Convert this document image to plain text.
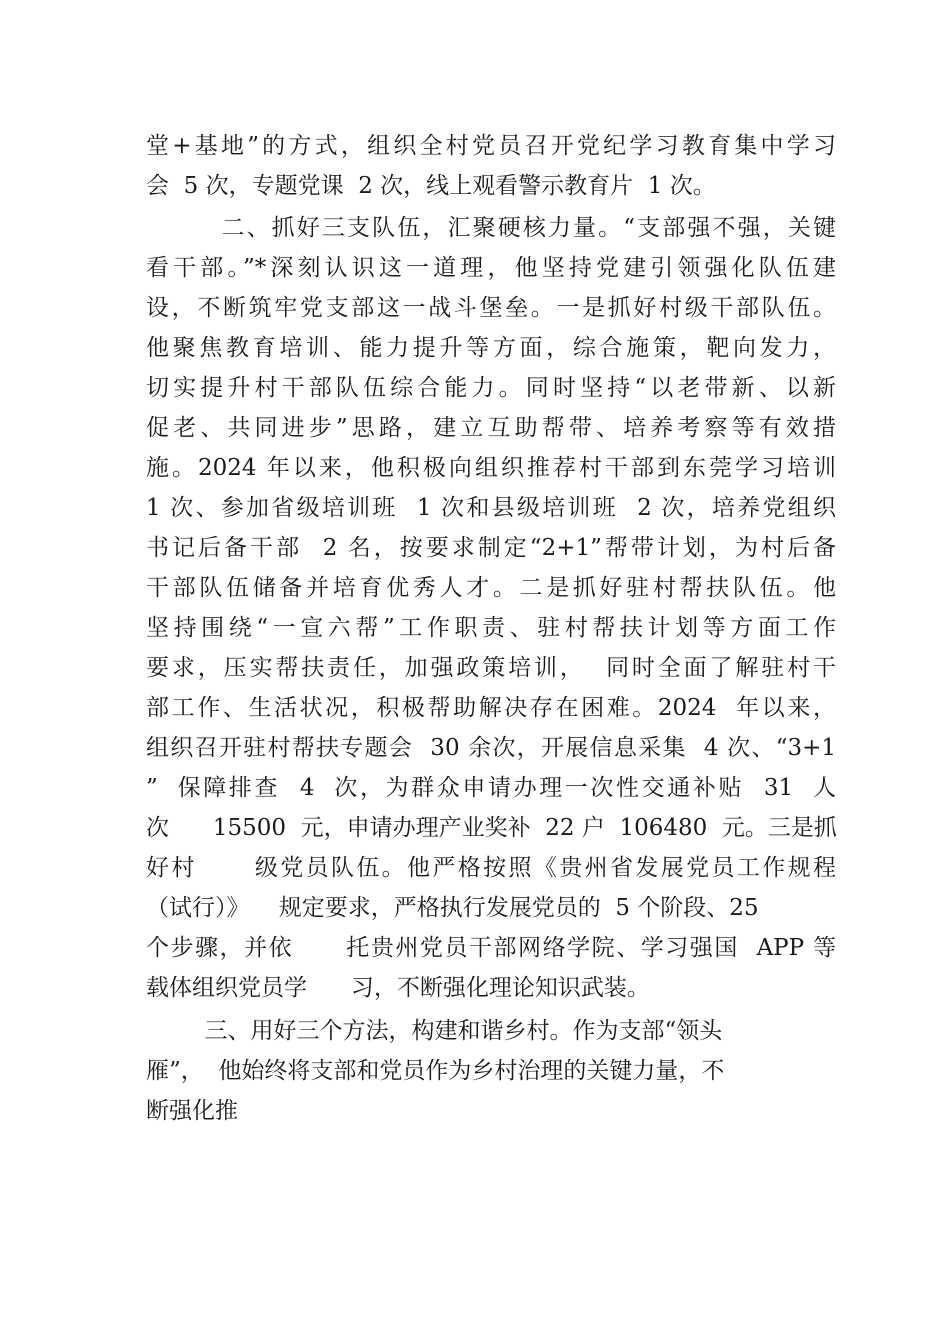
堂+基地”的方式，组织全村党员召开党纪学习教育集中学习
会  5 次，专题党课  2 次，线上观看警示教育片  1 次。
二、抓好三支队伍，汇聚硬核力量。“支部强不强，关键
看干部。”*深刻认识这一道理，他坚持党建引领强化队伍建
设，不断筑牢党支部这一战斗堡垒。一是抓好村级干部队伍。
他聚焦教育培训、能力提升等方面，综合施策，靶向发力，
切实提升村干部队伍综合能力。同时坚持“以老带新、以新
促老、共同进步”思路，建立互助帮带、培养考察等有效措
施。2024 年以来，他积极向组织推荐村干部到东莞学习培训
1 次、参加省级培训班  1 次和县级培训班  2 次，培养党组织
书记后备干部  2 名，按要求制定“2+1”帮带计划，为村后备
干部队伍储备并培育优秀人才。二是抓好驻村帮扶队伍。他
坚持围绕“一宣六帮”工作职责、驻村帮扶计划等方面工作
要求，压实帮扶责任，加强政策培训，  同时全面了解驻村干
部工作、生活状况，积极帮助解决存在困难。2024  年以来，
组织召开驻村帮扶专题会  30 余次，开展信息采集  4 次、“3+1
”  保障排查  4  次，为群众申请办理一次性交通补贴  31  人
次      15500  元，申请办理产业奖补  22 户  106480  元。三是抓
好村      级党员队伍。他严格按照《贵州省发展党员工作规程
（试行）》    规定要求，严格执行发展党员的  5 个阶段、25
个步骤，并依      托贵州党员干部网络学院、学习强国  APP 等
载体组织党员学      习，不断强化理论知识武装。
三、用好三个方法，构建和谐乡村。作为支部“领头
雁”，  他始终将支部和党员作为乡村治理的关键力量，不
断强化推
